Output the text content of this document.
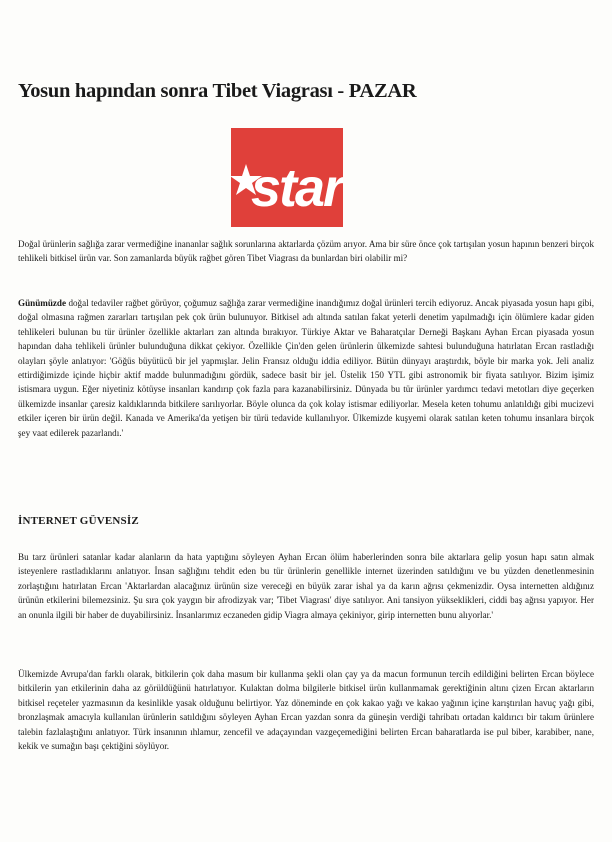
Yosun hapından sonra Tibet Viagrası - PAZAR
star

Doğal ürünlerin sağlığa zarar vermediğine inananlar sağlık sorunlarına aktarlarda çözüm arıyor. Ama bir süre önce çok tartışılan yosun hapının benzeri birçok tehlikeli bitkisel ürün var. Son zamanlarda büyük rağbet gören Tibet Viagrası da bunlardan biri olabilir mi?

Günümüzde doğal tedaviler rağbet görüyor, çoğumuz sağlığa zarar vermediğine inandığımız doğal ürünleri tercih ediyoruz. Ancak piyasada yosun hapı gibi, doğal olmasına rağmen zararları tartışılan pek çok ürün bulunuyor. Bitkisel adı altında satılan fakat yeterli denetim yapılmadığı için ölümlere kadar giden tehlikeleri bulunan bu tür ürünler özellikle aktarları zan altında bırakıyor. Türkiye Aktar ve Baharatçılar Derneği Başkanı Ayhan Ercan piyasada yosun hapından daha tehlikeli ürünler bulunduğuna dikkat çekiyor. Özellikle Çin'den gelen ürünlerin ülkemizde sahtesi bulunduğuna hatırlatan Ercan rastladığı olayları şöyle anlatıyor: 'Göğüs büyütücü bir jel yapmışlar. Jelin Fransız olduğu iddia ediliyor. Bütün dünyayı araştırdık, böyle bir marka yok. Jeli analiz ettirdiğimizde içinde hiçbir aktif madde bulunmadığını gördük, sadece basit bir jel. Üstelik 150 YTL gibi astronomik bir fiyata satılıyor. Bizim işimiz istismara uygun. Eğer niyetiniz kötüyse insanları kandırıp çok fazla para kazanabilirsiniz. Dünyada bu tür ürünler yardımcı tedavi metotları diye geçerken ülkemizde insanlar çaresiz kaldıklarında bitkilere sarılıyorlar. Böyle olunca da çok kolay istismar ediliyorlar. Mesela keten tohumu anlatıldığı gibi mucizevi etkiler içeren bir ürün değil. Kanada ve Amerika'da yetişen bir türü tedavide kullanılıyor. Ülkemizde kuşyemi olarak satılan keten tohumu insanlara birçok şey vaat edilerek pazarlandı.'

İNTERNET GÜVENSİZ

Bu tarz ürünleri satanlar kadar alanların da hata yaptığını söyleyen Ayhan Ercan ölüm haberlerinden sonra bile aktarlara gelip yosun hapı satın almak isteyenlere rastladıklarını anlatıyor. İnsan sağlığını tehdit eden bu tür ürünlerin genellikle internet üzerinden satıldığını ve bu yüzden denetlenmesinin zorlaştığını hatırlatan Ercan 'Aktarlardan alacağınız ürünün size vereceği en büyük zarar ishal ya da karın ağrısı çekmenizdir. Oysa internetten aldığınız ürünün etkilerini bilemezsiniz. Şu sıra çok yaygın bir afrodizyak var; 'Tibet Viagrası' diye satılıyor. Ani tansiyon yükseklikleri, ciddi baş ağrısı yapıyor. Her an onunla ilgili bir haber de duyabilirsiniz. İnsanlarımız eczaneden gidip Viagra almaya çekiniyor, girip internetten bunu alıyorlar.'

Ülkemizde Avrupa'dan farklı olarak, bitkilerin çok daha masum bir kullanma şekli olan çay ya da macun formunun tercih edildiğini belirten Ercan böylece bitkilerin yan etkilerinin daha az görüldüğünü hatırlatıyor. Kulaktan dolma bilgilerle bitkisel ürün kullanmamak gerektiğinin altını çizen Ercan aktarların bitkisel reçeteler yazmasının da kesinlikle yasak olduğunu belirtiyor. Yaz döneminde en çok kakao yağı ve kakao yağının içine karıştırılan havuç yağı gibi, bronzlaşmak amacıyla kullanılan ürünlerin satıldığını söyleyen Ayhan Ercan yazdan sonra da güneşin verdiği tahribatı ortadan kaldırıcı bir takım ürünlere talebin fazlalaştığını anlatıyor. Türk insanının ıhlamur, zencefil ve adaçayından vazgeçemediğini belirten Ercan baharatlarda ise pul biber, karabiber, nane, kekik ve sumağın başı çektiğini söylüyor.
